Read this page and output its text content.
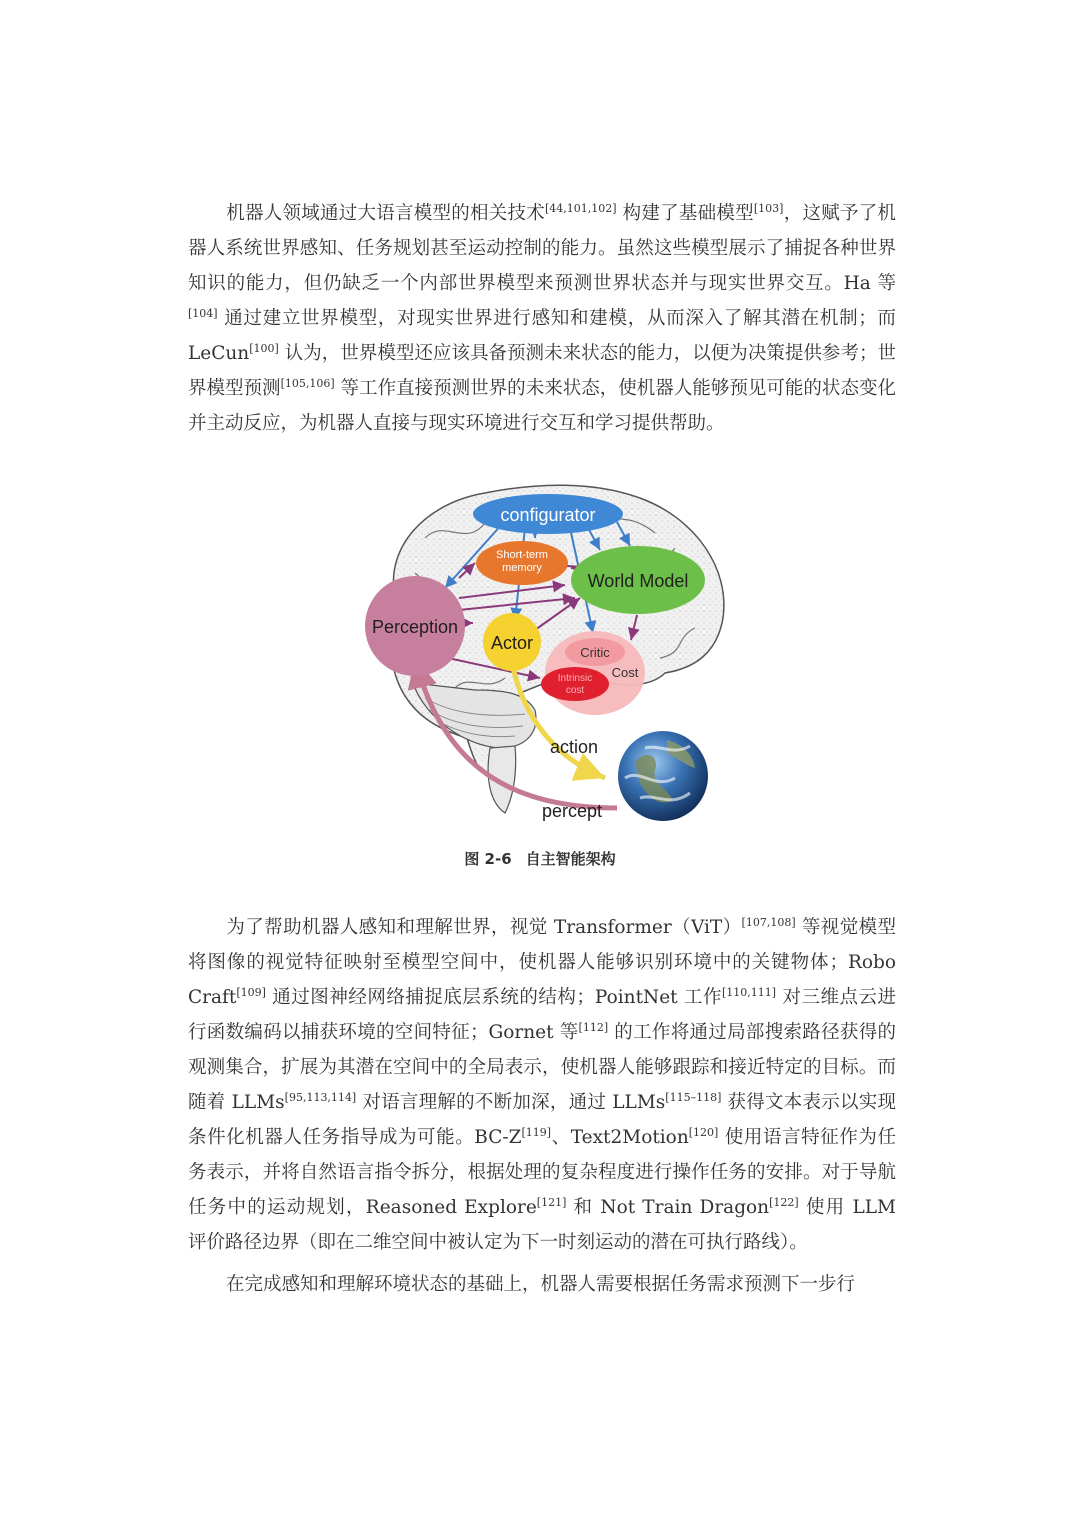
机器人领域通过大语言模型的相关技术[44,101,102] 构建了基础模型[103]，这赋予了机器人系统世界感知、任务规划甚至运动控制的能力。虽然这些模型展示了捕捉各种世界知识的能力，但仍缺乏一个内部世界模型来预测世界状态并与现实世界交互。Ha 等[104] 通过建立世界模型，对现实世界进行感知和建模，从而深入了解其潜在机制；而 LeCun[100] 认为，世界模型还应该具备预测未来状态的能力，以便为决策提供参考；世界模型预测[105,106] 等工作直接预测世界的未来状态，使机器人能够预见可能的状态变化并主动反应，为机器人直接与现实环境进行交互和学习提供帮助。

configurator
Short-term
memory
World Model
Perception
Critic
Intrinsic
cost
Cost
Actor
action
percept
图 2-6 自主智能架构

为了帮助机器人感知和理解世界，视觉 Transformer（ViT）[107,108] 等视觉模型将图像的视觉特征映射至模型空间中，使机器人能够识别环境中的关键物体；Robo Craft[109] 通过图神经网络捕捉底层系统的结构；PointNet 工作[110,111] 对三维点云进行函数编码以捕获环境的空间特征；Gornet 等[112] 的工作将通过局部搜索路径获得的观测集合，扩展为其潜在空间中的全局表示，使机器人能够跟踪和接近特定的目标。而随着 LLMs[95,113,114] 对语言理解的不断加深，通过 LLMs[115–118] 获得文本表示以实现条件化机器人任务指导成为可能。BC-Z[119]、Text2Motion[120] 使用语言特征作为任务表示，并将自然语言指令拆分，根据处理的复杂程度进行操作任务的安排。对于导航任务中的运动规划，Reasoned Explore[121] 和 Not Train Dragon[122] 使用 LLM 评价路径边界（即在二维空间中被认定为下一时刻运动的潜在可执行路线）。

在完成感知和理解环境状态的基础上，机器人需要根据任务需求预测下一步行
